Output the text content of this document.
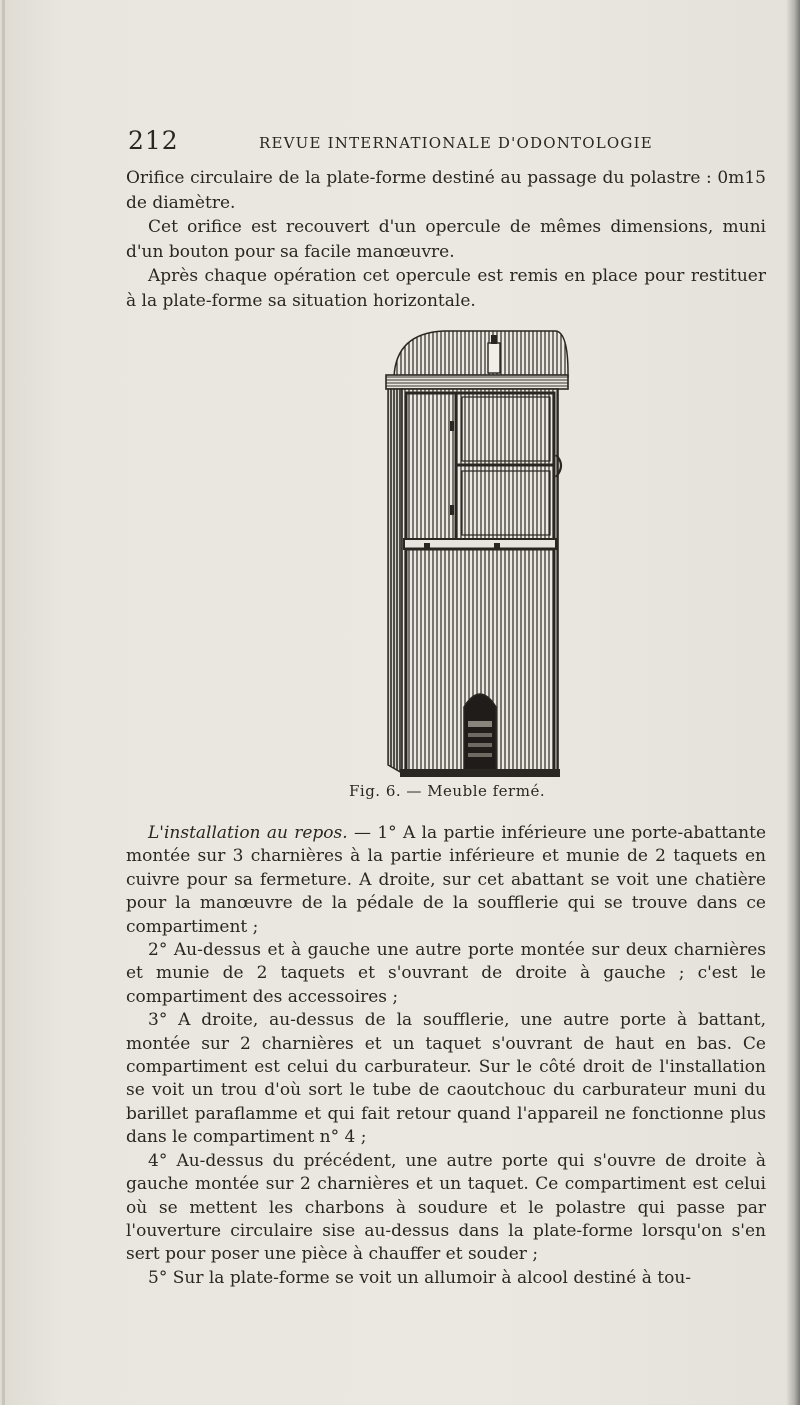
212	REVUE INTERNATIONALE D'ODONTOLOGIE

Orifice circulaire de la plate-forme destiné au passage du polastre : 0m15 de diamètre.

Cet orifice est recouvert d'un opercule de mêmes dimensions, muni d'un bouton pour sa facile manœuvre.

Après chaque opération cet opercule est remis en place pour restituer à la plate-forme sa situation horizontale.

Fig. 6. — Meuble fermé.

L'installation au repos. — 1° A la partie inférieure une porte-abattante montée sur 3 charnières à la partie inférieure et munie de 2 taquets en cuivre pour sa fermeture. A droite, sur cet abattant se voit une chatière pour la manœuvre de la pédale de la soufflerie qui se trouve dans ce compartiment ;

2° Au-dessus et à gauche une autre porte montée sur deux charnières et munie de 2 taquets et s'ouvrant de droite à gauche ; c'est le compartiment des accessoires ;

3° A droite, au-dessus de la soufflerie, une autre porte à battant, montée sur 2 charnières et un taquet s'ouvrant de haut en bas. Ce compartiment est celui du carburateur. Sur le côté droit de l'installation se voit un trou d'où sort le tube de caoutchouc du carburateur muni du barillet paraflamme et qui fait retour quand l'appareil ne fonctionne plus dans le compartiment n° 4 ;

4° Au-dessus du précédent, une autre porte qui s'ouvre de droite à gauche montée sur 2 charnières et un taquet. Ce compartiment est celui où se mettent les charbons à soudure et le polastre qui passe par l'ouverture circulaire sise au-dessus dans la plate-forme lorsqu'on s'en sert pour poser une pièce à chauffer et souder ;

5° Sur la plate-forme se voit un allumoir à alcool destiné à tou-
